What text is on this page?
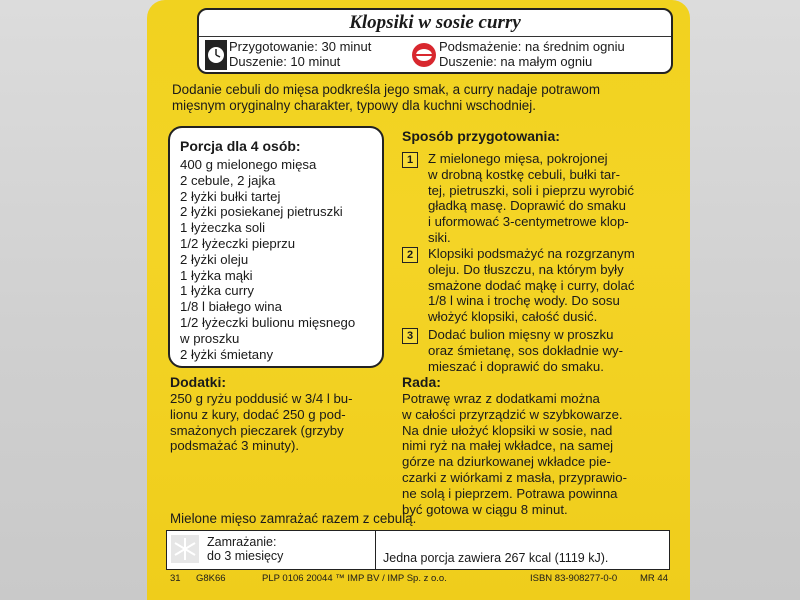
Klopsiki w sosie curry
Przygotowanie: 30 minut
Duszenie: 10 minut
Podsmażenie: na średnim ogniu
Duszenie: na małym ogniu
Dodanie cebuli do mięsa podkreśla jego smak, a curry nadaje potrawom
mięsnym oryginalny charakter, typowy dla kuchni wschodniej.
Porcja dla 4 osób:
400 g mielonego mięsa
2 cebule, 2 jajka
2 łyżki bułki tartej
2 łyżki posiekanej pietruszki
1 łyżeczka soli
1/2 łyżeczki pieprzu
2 łyżki oleju
1 łyżka mąki
1 łyżka curry
1/8 l białego wina
1/2 łyżeczki bulionu mięsnego
w proszku
2 łyżki śmietany
Dodatki:
250 g ryżu poddusić w 3/4 l bu-
lionu z kury, dodać 250 g pod-
smażonych pieczarek (grzyby
podsmażać 3 minuty).
Sposób przygotowania:
1	Z mielonego mięsa, pokrojonej
w drobną kostkę cebuli, bułki tar-
tej, pietruszki, soli i pieprzu wyrobić
gładką masę. Doprawić do smaku
i uformować 3-centymetrowe klop-
siki.
2	Klopsiki podsmażyć na rozgrzanym
oleju. Do tłuszczu, na którym były
smażone dodać mąkę i curry, dolać
1/8 l wina i trochę wody. Do sosu
włożyć klopsiki, całość dusić.
3	Dodać bulion mięsny w proszku
oraz śmietanę, sos dokładnie wy-
mieszać i doprawić do smaku.
Rada:
Potrawę wraz z dodatkami można
w całości przyrządzić w szybkowarze.
Na dnie ułożyć klopsiki w sosie, nad
nimi ryż na małej wkładce, na samej
górze na dziurkowanej wkładce pie-
czarki z wiórkami z masła, przyprawio-
ne solą i pieprzem. Potrawa powinna
być gotowa w ciągu 8 minut.
Mielone mięso zamrażać razem z cebulą.
Zamrażanie:
do 3 miesięcy	Jedna porcja zawiera 267 kcal (1119 kJ).
31 G8K66	PLP 0106 20044 ™ IMP BV / IMP Sp. z o.o.	ISBN 83-908277-0-0 MR 44
